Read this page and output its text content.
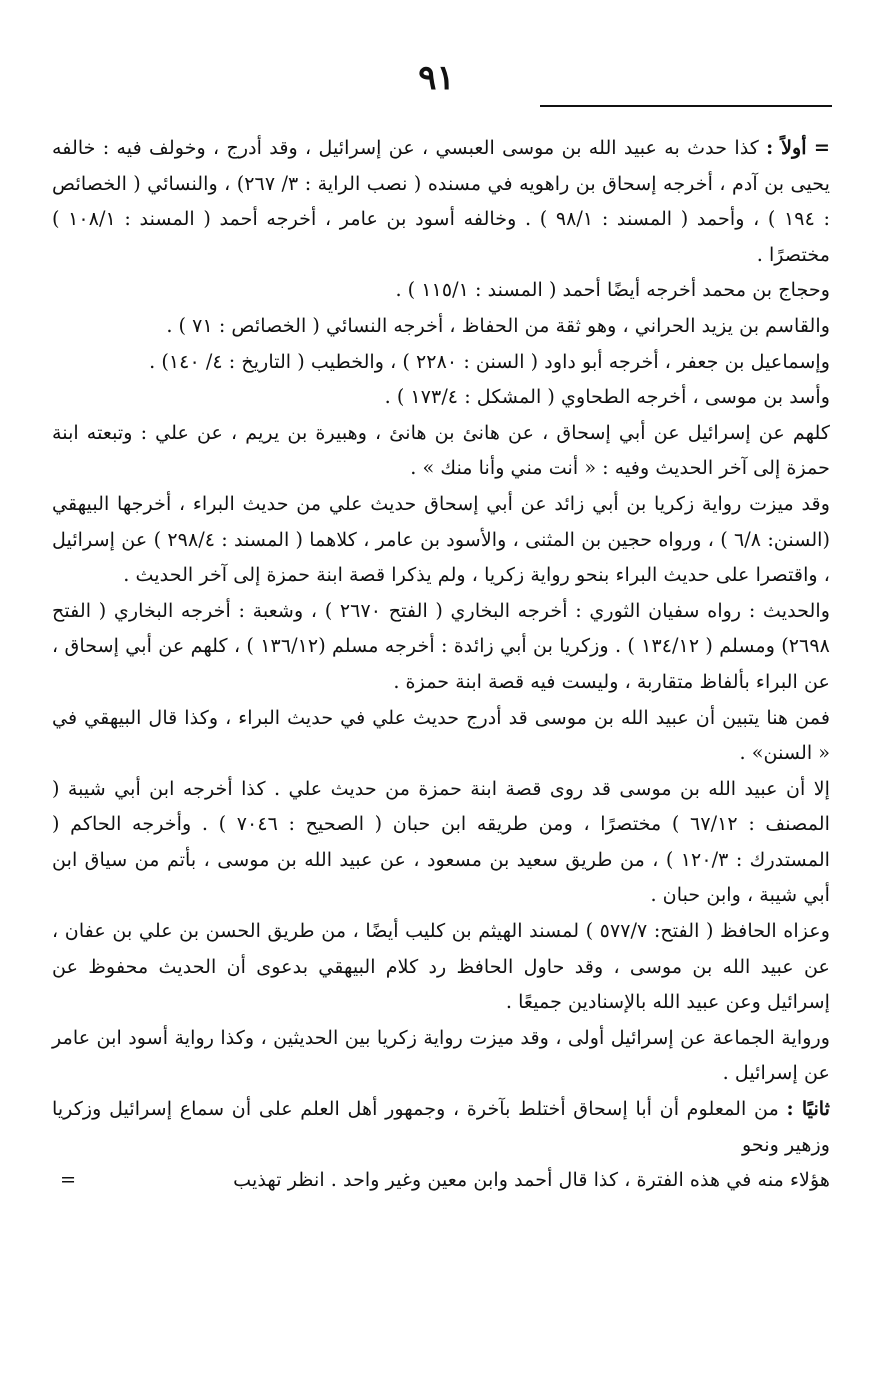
٩١

= أولاً : كذا حدث به عبيد الله بن موسى العبسي ، عن إسرائيل ، وقد أدرج ، وخولف فيه : خالفه يحيى بن آدم ، أخرجه إسحاق بن راهويه في مسنده ( نصب الراية : ٣/ ٢٦٧) ، والنسائي ( الخصائص : ١٩٤ ) ، وأحمد ( المسند : ٩٨/١ ) . وخالفه أسود بن عامر ، أخرجه أحمد ( المسند : ١٠٨/١ ) مختصرًا .

وحجاج بن محمد أخرجه أيضًا أحمد ( المسند : ١١٥/١ ) .

والقاسم بن يزيد الحراني ، وهو ثقة من الحفاظ ، أخرجه النسائي ( الخصائص : ٧١ ) .

وإسماعيل بن جعفر ، أخرجه أبو داود ( السنن : ٢٢٨٠ ) ، والخطيب ( التاريخ : ٤/ ١٤٠) .

وأسد بن موسى ، أخرجه الطحاوي ( المشكل : ١٧٣/٤ ) .

كلهم عن إسرائيل عن أبي إسحاق ، عن هانئ بن هانئ ، وهبيرة بن يريم ، عن علي : وتبعته ابنة حمزة إلى آخر الحديث وفيه : « أنت مني وأنا منك » .

وقد ميزت رواية زكريا بن أبي زائد عن أبي إسحاق حديث علي من حديث البراء ، أخرجها البيهقي (السنن: ٦/٨ ) ، ورواه حجين بن المثنى ، والأسود بن عامر ، كلاهما ( المسند : ٢٩٨/٤ ) عن إسرائيل ، واقتصرا على حديث البراء بنحو رواية زكريا ، ولم يذكرا قصة ابنة حمزة إلى آخر الحديث .

والحديث : رواه سفيان الثوري : أخرجه البخاري ( الفتح ٢٦٧٠ ) ، وشعبة : أخرجه البخاري ( الفتح ٢٦٩٨) ومسلم ( ١٣٤/١٢ ) . وزكريا بن أبي زائدة : أخرجه مسلم (١٣٦/١٢ ) ، كلهم عن أبي إسحاق ، عن البراء بألفاظ متقاربة ، وليست فيه قصة ابنة حمزة .

فمن هنا يتبين أن عبيد الله بن موسى قد أدرج حديث علي في حديث البراء ، وكذا قال البيهقي في « السنن» .

إلا أن عبيد الله بن موسى قد روى قصة ابنة حمزة من حديث علي . كذا أخرجه ابن أبي شيبة ( المصنف : ٦٧/١٢ ) مختصرًا ، ومن طريقه ابن حبان ( الصحيح : ٧٠٤٦ ) . وأخرجه الحاكم ( المستدرك : ١٢٠/٣ ) ، من طريق سعيد بن مسعود ، عن عبيد الله بن موسى ، بأتم من سياق ابن أبي شيبة ، وابن حبان .

وعزاه الحافظ ( الفتح: ٥٧٧/٧ ) لمسند الهيثم بن كليب أيضًا ، من طريق الحسن بن علي بن عفان ، عن عبيد الله بن موسى ، وقد حاول الحافظ رد كلام البيهقي بدعوى أن الحديث محفوظ عن إسرائيل وعن عبيد الله بالإسنادين جميعًا .

ورواية الجماعة عن إسرائيل أولى ، وقد ميزت رواية زكريا بين الحديثين ، وكذا رواية أسود ابن عامر عن إسرائيل .

ثانيًا : من المعلوم أن أبا إسحاق أختلط بآخرة ، وجمهور أهل العلم على أن سماع إسرائيل وزكريا وزهير ونحو

هؤلاء منه في هذه الفترة ، كذا قال أحمد وابن معين وغير واحد . انظر تهذيب
=
